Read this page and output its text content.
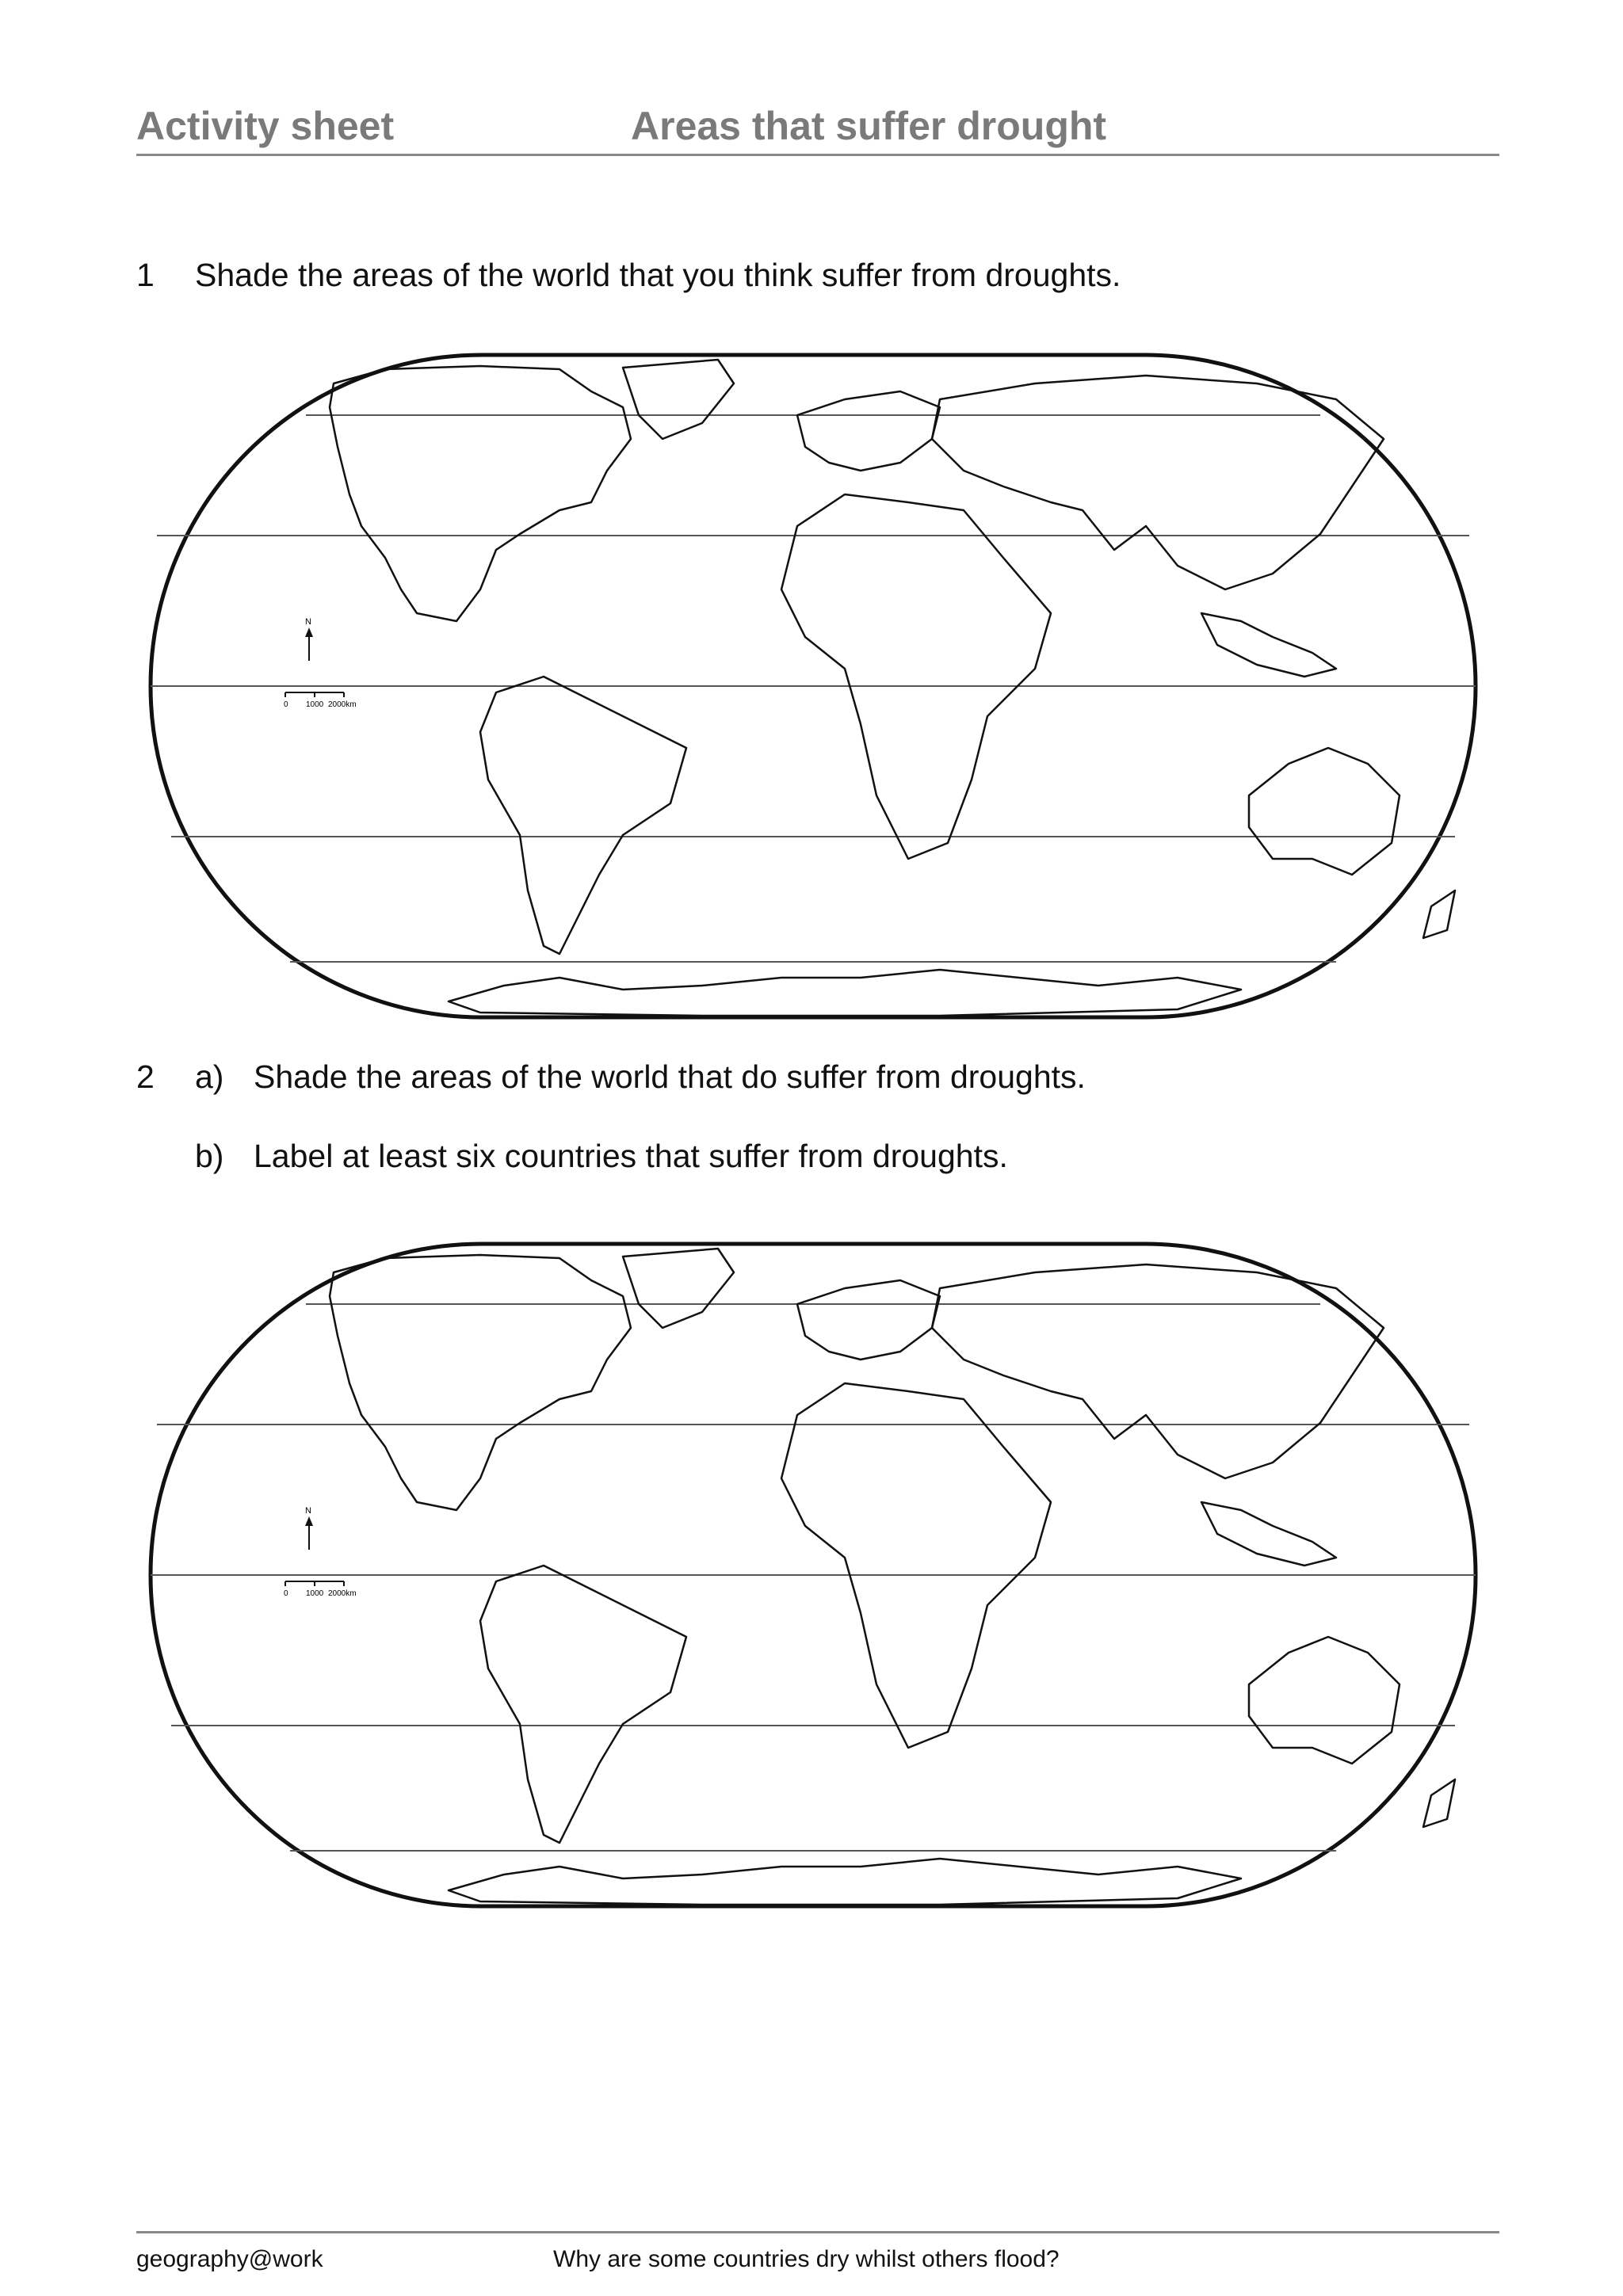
Activity sheet	Areas that suffer drought
1 Shade the areas of the world that you think suffer from droughts.
N
0 1000 2000km
2 a) Shade the areas of the world that do suffer from droughts.
b) Label at least six countries that suffer from droughts.
N
0 1000 2000km
geography@work	Why are some countries dry whilst others flood?
